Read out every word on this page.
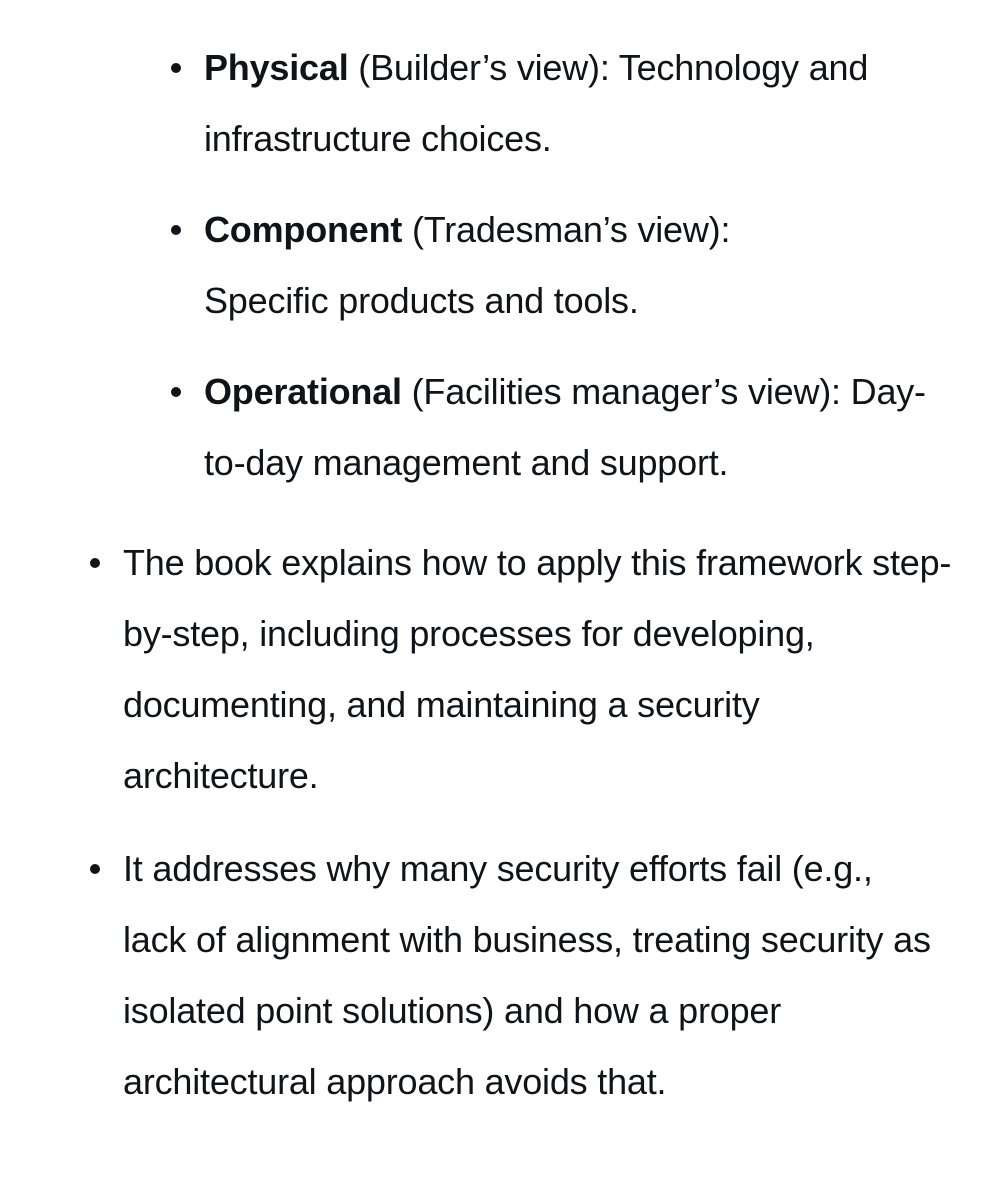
Physical (Builder’s view): Technology and infrastructure choices.
Component (Tradesman’s view): Specific products and tools.
Operational (Facilities manager’s view): Day-to-day management and support.
The book explains how to apply this framework step-by-step, including processes for developing, documenting, and maintaining a security architecture.
It addresses why many security efforts fail (e.g., lack of alignment with business, treating security as isolated point solutions) and how a proper architectural approach avoids that.
